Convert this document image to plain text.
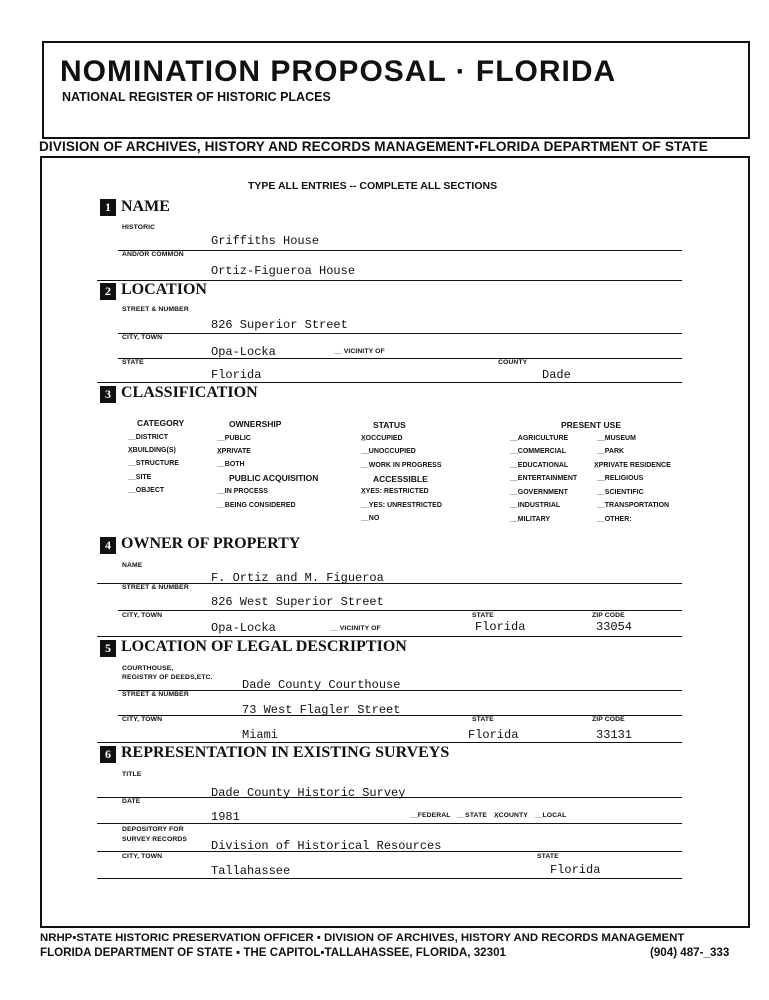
NOMINATION PROPOSAL · FLORIDA
NATIONAL REGISTER OF HISTORIC PLACES
DIVISION OF ARCHIVES, HISTORY AND RECORDS MANAGEMENT▪FLORIDA DEPARTMENT OF STATE
TYPE ALL ENTRIES -- COMPLETE ALL SECTIONS
1 NAME
HISTORIC
Griffiths House
AND/OR COMMON
Ortiz-Figueroa House
2 LOCATION
STREET & NUMBER
826 Superior Street
CITY, TOWN
Opa-Locka	__ VICINITY OF
STATE	COUNTY
Florida	Dade
3 CLASSIFICATION
CATEGORY
__DISTRICT
X̲BUILDING(S)
__STRUCTURE
__SITE
__OBJECT
OWNERSHIP
__PUBLIC
X̲PRIVATE
__BOTH
PUBLIC ACQUISITION
__IN PROCESS
__BEING CONSIDERED
STATUS
X̲OCCUPIED
__UNOCCUPIED
__WORK IN PROGRESS
ACCESSIBLE
X̲YES: RESTRICTED
__YES: UNRESTRICTED
__NO
PRESENT USE
__AGRICULTURE
__COMMERCIAL
__EDUCATIONAL
__ENTERTAINMENT
__GOVERNMENT
__INDUSTRIAL
__MILITARY
__MUSEUM
__PARK
X̲PRIVATE RESIDENCE
__RELIGIOUS
__SCIENTIFIC
__TRANSPORTATION
__OTHER:
4 OWNER OF PROPERTY
NAME
F. Ortiz and M. Figueroa
STREET & NUMBER
826 West Superior Street
CITY, TOWN	STATE	ZIP CODE
Opa-Locka	__ VICINITY OF	Florida	33054
5 LOCATION OF LEGAL DESCRIPTION
COURTHOUSE,
REGISTRY OF DEEDS,ETC.
Dade County Courthouse
STREET & NUMBER
73 West Flagler Street
CITY, TOWN	STATE	ZIP CODE
Miami	Florida	33131
6 REPRESENTATION IN EXISTING SURVEYS
TITLE
Dade County Historic Survey
DATE
1981	__FEDERAL __STATE X̲COUNTY __LOCAL
DEPOSITORY FOR
SURVEY RECORDS Division of Historical Resources
CITY, TOWN	STATE
Tallahassee	Florida
NRHP▪STATE HISTORIC PRESERVATION OFFICER ▪ DIVISION OF ARCHIVES, HISTORY AND RECORDS MANAGEMENT
FLORIDA DEPARTMENT OF STATE ▪ THE CAPITOL▪TALLAHASSEE, FLORIDA, 32301	(904) 487-_333
